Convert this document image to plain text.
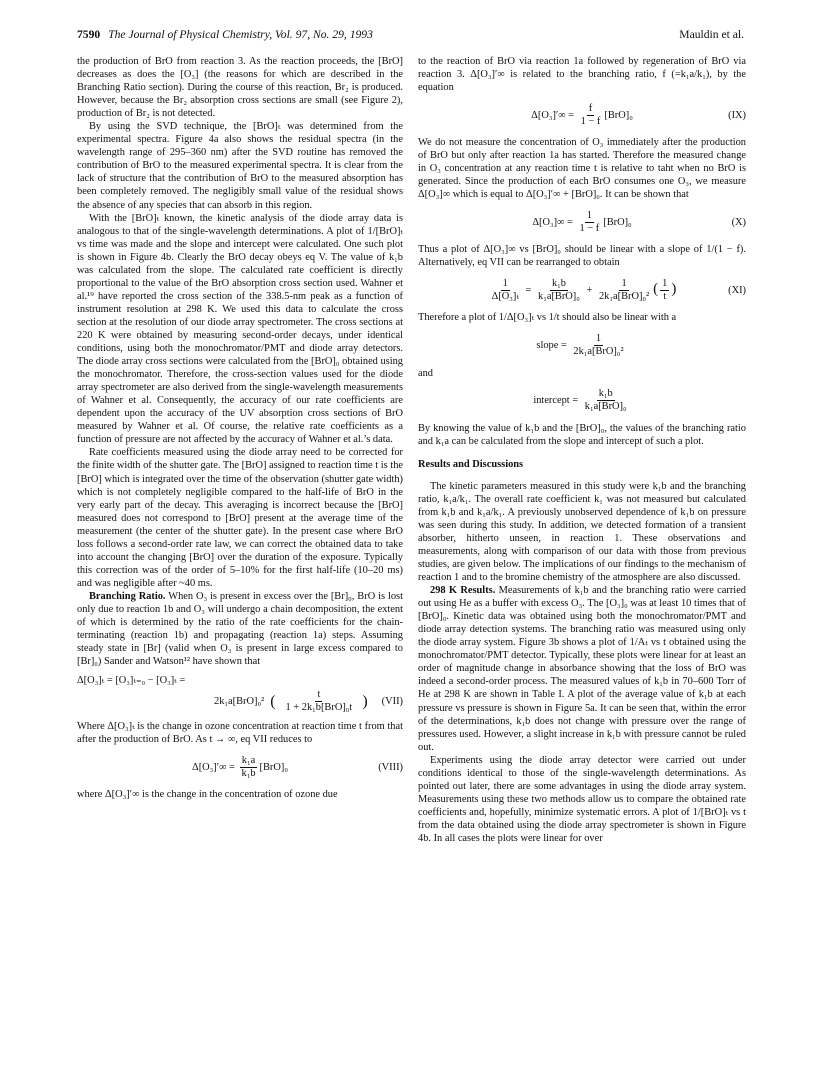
7590 The Journal of Physical Chemistry, Vol. 97, No. 29, 1993	Mauldin et al.

the production of BrO from reaction 3. As the reaction proceeds, the [BrO] decreases as does the [O₃] (the reasons for which are described in the Branching Ratio section). During the course of this reaction, Br₂ is produced. However, because the Br₂ absorption cross sections are small (see Figure 2), production of Br₂ is not detected.

By using the SVD technique, the [BrO]ₜ was determined from the experimental spectra. Figure 4a also shows the residual spectra (in the wavelength range of 295–360 nm) after the SVD routine has removed the contribution of BrO to the measured experimental spectra. It is clear from the lack of structure that the contribution of BrO to the measured absorption has been completely removed. The negligibly small value of the residual shows the absence of any species that can absorb in this region.

With the [BrO]ₜ known, the kinetic analysis of the diode array data is analogous to that of the single-wavelength determinations. A plot of 1/[BrO]ₜ vs time was made and the slope and intercept were calculated. One such plot is shown in Figure 4b. Clearly the BrO decay obeys eq V. The value of k₁b was calculated from the slope. The calculated rate coefficient is directly proportional to the value of the BrO absorption cross section used. Wahner et al.¹⁹ have reported the cross section of the 338.5-nm peak as a function of instrument resolution at 298 K. We used this data to calculate the cross section at the resolution of our diode array spectrometer. The cross sections at 220 K were obtained by measuring second-order decays, under identical conditions, using both the monochromator/PMT and diode array detectors. The diode array cross sections were calculated from the [BrO]₀ obtained using the monochromator. Therefore, the cross-section values used for the diode array spectrometer are also derived from the single-wavelength measurements of Wahner et al. Consequently, the accuracy of our rate coefficients are dependent upon the accuracy of the UV absorption cross sections of BrO measured by Wahner et al. Of course, the relative rate coefficients as a function of pressure are not affected by the accuracy of Wahner et al.’s data.

Rate coefficients measured using the diode array need to be corrected for the finite width of the shutter gate. The [BrO] assigned to reaction time t is the [BrO] which is integrated over the time of the observation (shutter gate width) which is not completely negligible compared to the half-life of BrO in the very early part of the decay. This averaging is incorrect because the [BrO] measured does not correspond to [BrO] present at the average time of the measurement (the center of the shutter gate). In the present case where BrO loss follows a second-order rate law, we can correct the obtained data to take into account the changing [BrO] over the duration of the exposure. Typically this correction was of the order of 5–10% for the first half-life (10–20 ms) and was negligible after ~40 ms.

Branching Ratio. When O₃ is present in excess over the [Br]₀, BrO is lost only due to reaction 1b and O₃ will undergo a chain decomposition, the extent of which is determined by the ratio of the rate coefficients for the chain-terminating (reaction 1b) and propagating (reaction 1a) steps. Assuming steady state in [Br] (valid when O₃ is present in large excess compared to [Br]₀) Sander and Watson¹² have shown that

Δ[O₃]ₜ = [O₃]ₜ₌₀ − [O₃]ₜ =
2k₁a[BrO]₀² ( $\frac{t}{\text{1 + 2k₁b[BrO]₀t}}$ ) (VII)

Where Δ[O₃]ₜ is the change in ozone concentration at reaction time t from that after the production of BrO. As t → ∞, eq VII reduces to

$\Delta[O_3]'\infty = \frac{\text{k₁a}}{\text{k₁b}} [BrO]_0$	(VIII)

where Δ[O₃]′∞ is the change in the concentration of ozone due

to the reaction of BrO via reaction 1a followed by regeneration of BrO via reaction 3. Δ[O₃]′∞ is related to the branching ratio, f (=k₁a/k₁), by the equation

$\Delta[O_3]'\infty = \frac{f}{1 - f} [BrO]_0$	(IX)

We do not measure the concentration of O₃ immediately after the production of BrO but only after reaction 1a has started. Therefore the measured change in O₃ concentration at any reaction time t is relative to taht when no BrO is generated. Since the production of each BrO consumes one O₃, we measure Δ[O₃]∞ which is equal to Δ[O₃]′∞ + [BrO]₀. It can be shown that

$\Delta[O_3]\infty = \frac{1}{1 - f} [BrO]_0$	(X)

Thus a plot of Δ[O₃]∞ vs [BrO]₀ should be linear with a slope of 1/(1 − f). Alternatively, eq VII can be rearranged to obtain

$\frac{1}{\text{Δ[O₃]ₜ}} = \frac{\text{k₁b}}{\text{k₁a[BrO]₀}} + \frac{1}{\text{2k₁a[BrO]₀²}}$ ( $\frac{1}{t}$ )	(XI)

Therefore a plot of 1/Δ[O₃]ₜ vs 1/t should also be linear with a

slope = $\frac{1}{\text{2k₁a[BrO]₀²}}$

and

intercept = $\frac{\text{k₁b}}{\text{k₁a[BrO]₀}}$

By knowing the value of k₁b and the [BrO]₀, the values of the branching ratio and k₁a can be calculated from the slope and intercept of such a plot.

Results and Discussions

The kinetic parameters measured in this study were k₁b and the branching ratio, k₁a/k₁. The overall rate coefficient k₁ was not measured but calculated from k₁b and k₁a/k₁. A previously unobserved dependence of k₁b on pressure was seen during this study. In addition, we detected formation of a transient absorber, hitherto unseen, in reaction 1. These observations and measurements, along with comparison of our data with those from previous studies, are given below. The implications of our findings to the mechanism of reaction 1 and to the bromine chemistry of the atmosphere are also discussed.

298 K Results. Measurements of k₁b and the branching ratio were carried out using He as a buffer with excess O₃. The [O₃]₀ was at least 10 times that of [BrO]₀. Kinetic data was obtained using both the monochromator/PMT and diode array detection systems. The branching ratio was measured using only the diode array system. Figure 3b shows a plot of 1/Aₜ vs t obtained using the monochromator/PMT detector. Typically, these plots were linear for at least an order of magnitude change in absorbance showing that the loss of BrO was indeed a second-order process. The measured values of k₁b in 70–600 Torr of He at 298 K are shown in Table I. A plot of the average value of k₁b at each pressure vs pressure is shown in Figure 5a. It can be seen that, within the error of the determinations, k₁b does not change with pressure over the range of pressures used. However, a slight increase in k₁b with pressure cannot be ruled out.

Experiments using the diode array detector were carried out under conditions identical to those of the single-wavelength determinations. As pointed out later, there are some advantages in using the diode array system. Measurements using these two methods allow us to compare the obtained rate coefficients and, hopefully, minimize systematic errors. A plot of 1/[BrO]ₜ vs t from the data obtained using the diode array spectrometer is shown in Figure 4b. In all cases the plots were linear for over
